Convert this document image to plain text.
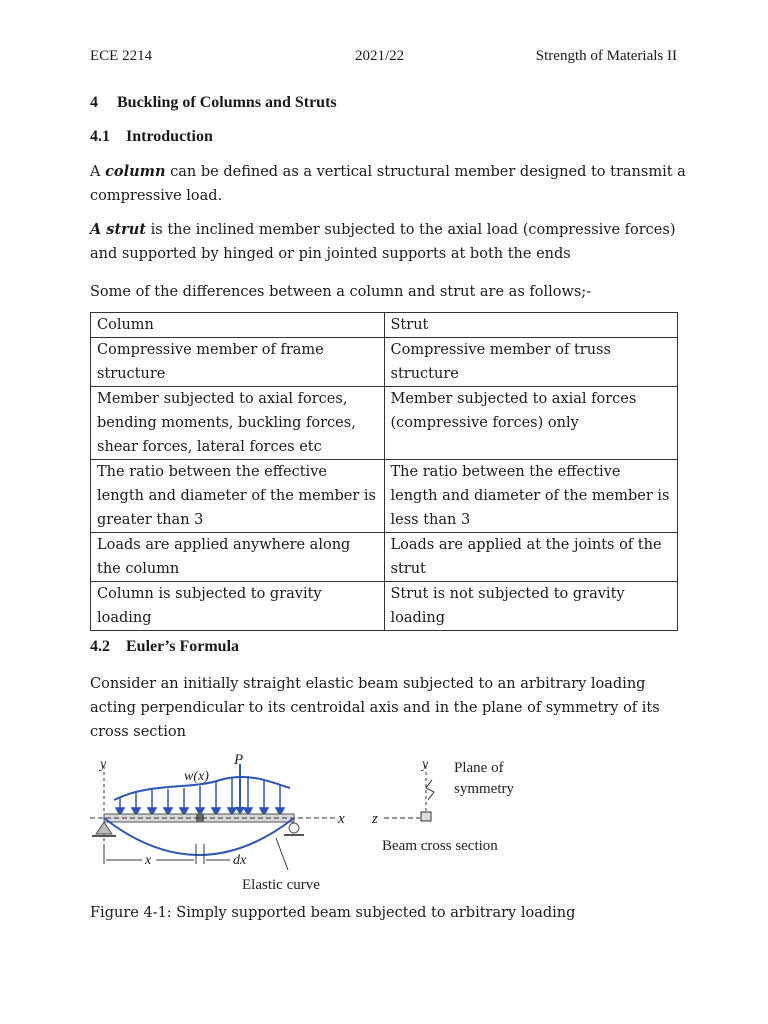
ECE 2214	2021/22	Strength of Materials II
4 Buckling of Columns and Struts
4.1 Introduction
A column can be defined as a vertical structural member designed to transmit a compressive load.
A strut is the inclined member subjected to the axial load (compressive forces) and supported by hinged or pin jointed supports at both the ends
Some of the differences between a column and strut are as follows;-
Column	Strut
Compressive member of frame structure	Compressive member of truss structure
Member subjected to axial forces, bending moments, buckling forces, shear forces, lateral forces etc	Member subjected to axial forces (compressive forces) only
The ratio between the effective length and diameter of the member is greater than 3	The ratio between the effective length and diameter of the member is less than 3
Loads are applied anywhere along the column	Loads are applied at the joints of the strut
Column is subjected to gravity loading	Strut is not subjected to gravity loading
4.2 Euler’s Formula
Consider an initially straight elastic beam subjected to an arbitrary loading acting perpendicular to its centroidal axis and in the plane of symmetry of its cross section
y
w(x)
P
x
x	dx
Elastic curve
y Plane of
symmetry
z
Beam cross section
Figure 4-1: Simply supported beam subjected to arbitrary loading
